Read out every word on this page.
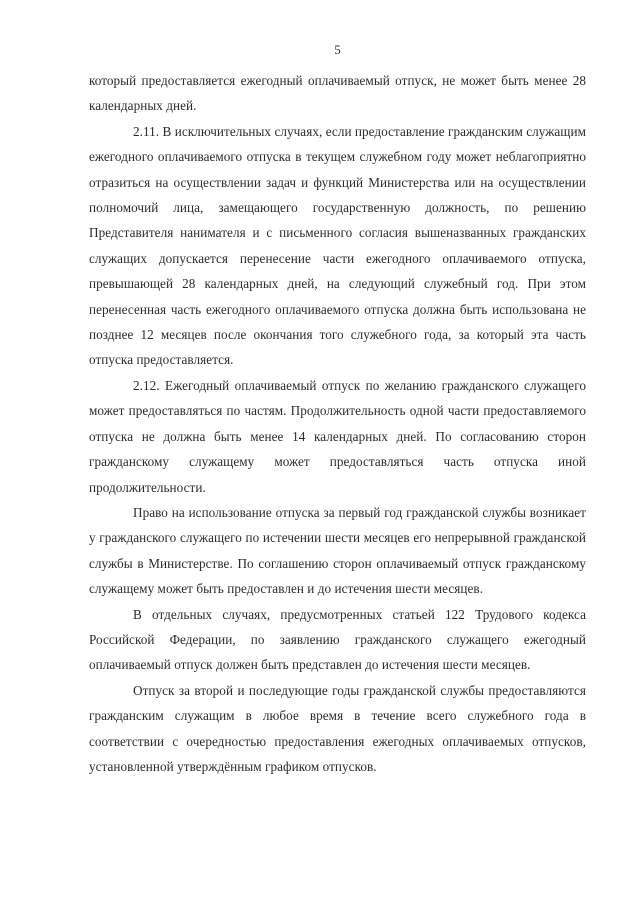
5

который предоставляется ежегодный оплачиваемый отпуск, не может быть менее 28 календарных дней.

2.11. В исключительных случаях, если предоставление гражданским служащим ежегодного оплачиваемого отпуска в текущем служебном году может неблагоприятно отразиться на осуществлении задач и функций Министерства или на осуществлении полномочий лица, замещающего государственную должность, по решению Представителя нанимателя и с письменного согласия вышеназванных гражданских служащих допускается перенесение части ежегодного оплачиваемого отпуска, превышающей 28 календарных дней, на следующий служебный год. При этом перенесенная часть ежегодного оплачиваемого отпуска должна быть использована не позднее 12 месяцев после окончания того служебного года, за который эта часть отпуска предоставляется.

2.12. Ежегодный оплачиваемый отпуск по желанию гражданского служащего может предоставляться по частям. Продолжительность одной части предоставляемого отпуска не должна быть менее 14 календарных дней. По согласованию сторон гражданскому служащему может предоставляться часть отпуска иной продолжительности.

Право на использование отпуска за первый год гражданской службы возникает у гражданского служащего по истечении шести месяцев его непрерывной гражданской службы в Министерстве. По соглашению сторон оплачиваемый отпуск гражданскому служащему может быть предоставлен и до истечения шести месяцев.

В отдельных случаях, предусмотренных статьей 122 Трудового кодекса Российской Федерации, по заявлению гражданского служащего ежегодный оплачиваемый отпуск должен быть представлен до истечения шести месяцев.

Отпуск за второй и последующие годы гражданской службы предоставляются гражданским служащим в любое время в течение всего служебного года в соответствии с очередностью предоставления ежегодных оплачиваемых отпусков, установленной утверждённым графиком отпусков.
